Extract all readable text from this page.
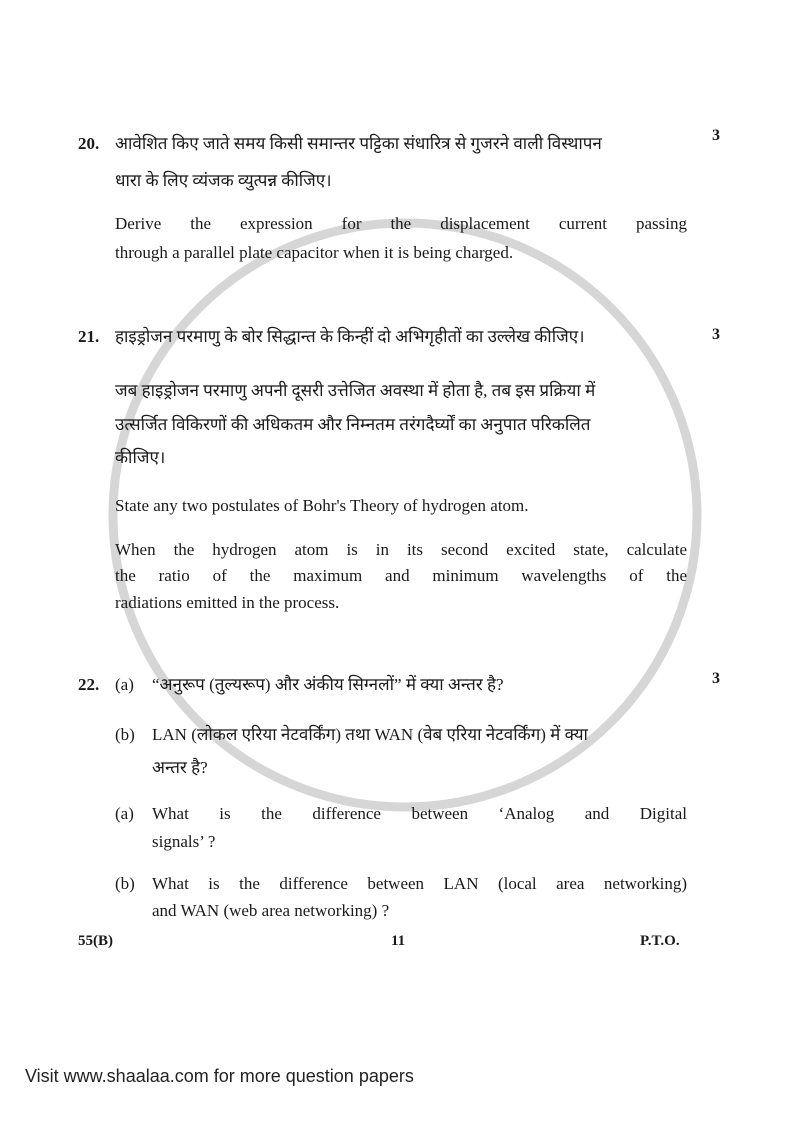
20. आवेशित किए जाते समय किसी समान्तर पट्टिका संधारित्र से गुजरने वाली विस्थापन
धारा के लिए व्यंजक व्युत्पन्न कीजिए।
Derive the expression for the displacement current passing
through a parallel plate capacitor when it is being charged.
3
21. हाइड्रोजन परमाणु के बोर सिद्धान्त के किन्हीं दो अभिगृहीतों का उल्लेख कीजिए।
जब हाइड्रोजन परमाणु अपनी दूसरी उत्तेजित अवस्था में होता है, तब इस प्रक्रिया में
उत्सर्जित विकिरणों की अधिकतम और निम्नतम तरंगदैर्घ्यों का अनुपात परिकलित
कीजिए।
State any two postulates of Bohr's Theory of hydrogen atom.
When the hydrogen atom is in its second excited state, calculate
the ratio of the maximum and minimum wavelengths of the
radiations emitted in the process.
3
22. (a)	“अनुरूप (तुल्यरूप) और अंकीय सिग्नलों” में क्या अन्तर है?
(b)	LAN (लोकल एरिया नेटवर्किंग) तथा WAN (वेब एरिया नेटवर्किंग) में क्या
अन्तर है?
(a)	What is the difference between ‘Analog and Digital
signals’ ?
(b)	What is the difference between LAN (local area networking)
and WAN (web area networking) ?
3
55(B)	11	P.T.O.
Visit www.shaalaa.com for more question papers
